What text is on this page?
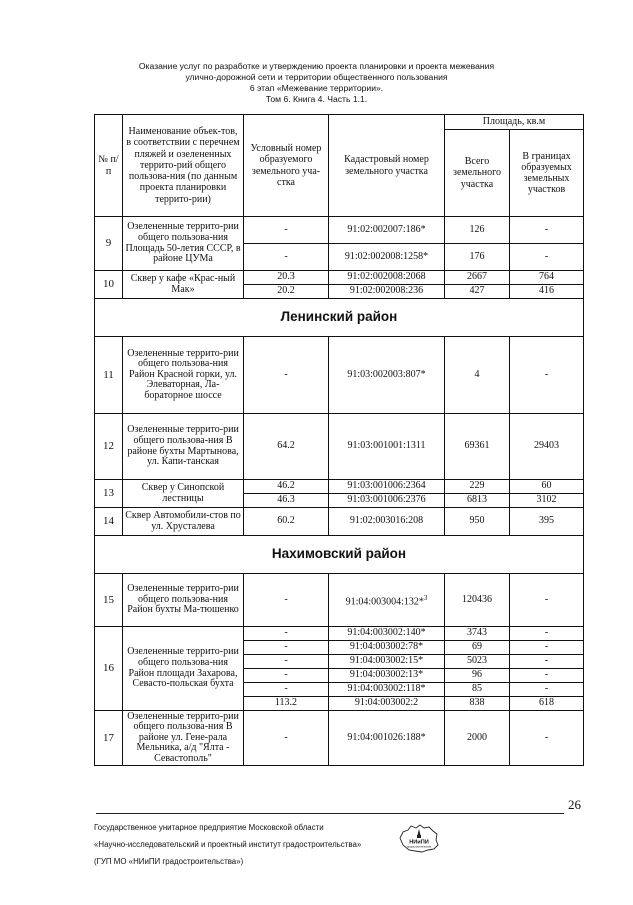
Оказание услуг по разработке и утверждению проекта планировки и проекта межевания
улично-дорожной сети и территории общественного пользования
6 этап «Межевание территории».
Том 6. Книга 4. Часть 1.1.
№ п/п	Наименование объек-тов, в соответствии с перечнем пляжей и озелененных террито-рий общего пользова-ния (по данным проекта планировки террито-рии)	Условный номер образуемого земельного уча-стка	Кадастровый номер земельного участка	Площадь, кв.м	
				Всего земельного участка	В границах образуемых земельных участков
9	Озелененные террито-рии общего пользова-ния Площадь 50-летия СССР, в районе ЦУМа	-	91:02:002007:186*	126	-
		-	91:02:002008:1258*	176	-
10	Сквер у кафе «Крас-ный Мак»	20.3	91:02:002008:2068	2667	764
		20.2	91:02:002008:236	427	416
Ленинский район					
11	Озелененные террито-рии общего пользова-ния Район Красной горки, ул. Элеваторная, Ла-бораторное шоссе	-	91:03:002003:807*	4	-
12	Озелененные террито-рии общего пользова-ния В районе бухты Мартынова, ул. Капи-танская	64.2	91:03:001001:1311	69361	29403
13	Сквер у Синопской лестницы	46.2	91:03:001006:2364	229	60
		46.3	91:03:001006:2376	6813	3102
14	Сквер Автомобили-стов по ул. Хрусталева	60.2	91:02:003016:208	950	395
Нахимовский район					
15	Озелененные террито-рии общего пользова-ния Район бухты Ма-тюшенко	-	91:04:003004:132*$^3$	120436	-
16	Озелененные террито-рии общего пользова-ния Район площади Захарова, Севасто-польская бухта	-	91:04:003002:140*	3743	-
		-	91:04:003002:78*	69	-
		-	91:04:003002:15*	5023	-
		-	91:04:003002:13*	96	-
		-	91:04:003002:118*	85	-
		113.2	91:04:003002:2	838	618
17	Озелененные террито-рии общего пользова-ния В районе ул. Гене-рала Мельника, а/д "Ялта - Севастополь"	-	91:04:001026:188*	2000	-
26
Государственное унитарное предприятие Московской области
«Научно-исследовательский и проектный институт градостроительства»
(ГУП МО «НИиПИ градостроительства»)
НИиПИ
градостроительства
